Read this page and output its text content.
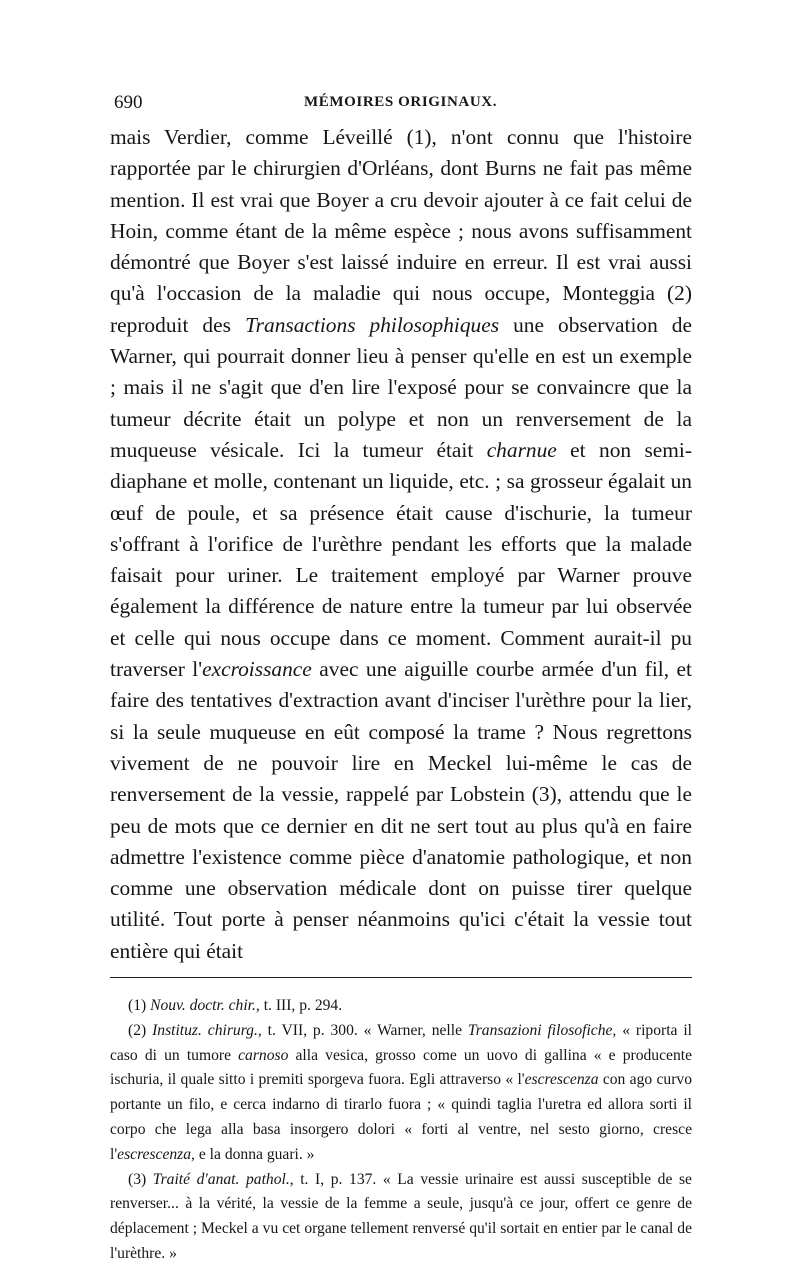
690	MÉMOIRES ORIGINAUX.

mais Verdier, comme Léveillé (1), n'ont connu que l'histoire rapportée par le chirurgien d'Orléans, dont Burns ne fait pas même mention. Il est vrai que Boyer a cru devoir ajouter à ce fait celui de Hoin, comme étant de la même espèce ; nous avons suffisamment démontré que Boyer s'est laissé induire en erreur. Il est vrai aussi qu'à l'occasion de la maladie qui nous occupe, Monteggia (2) reproduit des Transactions philosophiques une observation de Warner, qui pourrait donner lieu à penser qu'elle en est un exemple ; mais il ne s'agit que d'en lire l'exposé pour se convaincre que la tumeur décrite était un polype et non un renversement de la muqueuse vésicale. Ici la tumeur était charnue et non semi-diaphane et molle, contenant un liquide, etc. ; sa grosseur égalait un œuf de poule, et sa présence était cause d'ischurie, la tumeur s'offrant à l'orifice de l'urèthre pendant les efforts que la malade faisait pour uriner. Le traitement employé par Warner prouve également la différence de nature entre la tumeur par lui observée et celle qui nous occupe dans ce moment. Comment aurait-il pu traverser l'excroissance avec une aiguille courbe armée d'un fil, et faire des tentatives d'extraction avant d'inciser l'urèthre pour la lier, si la seule muqueuse en eût composé la trame ? Nous regrettons vivement de ne pouvoir lire en Meckel lui-même le cas de renversement de la vessie, rappelé par Lobstein (3), attendu que le peu de mots que ce dernier en dit ne sert tout au plus qu'à en faire admettre l'existence comme pièce d'anatomie pathologique, et non comme une observation médicale dont on puisse tirer quelque utilité. Tout porte à penser néanmoins qu'ici c'était la vessie tout entière qui était

(1) Nouv. doctr. chir., t. III, p. 294.

(2) Instituz. chirurg., t. VII, p. 300. « Warner, nelle Transazioni filosofiche, « riporta il caso di un tumore carnoso alla vesica, grosso come un uovo di gallina « e producente ischuria, il quale sitto i premiti sporgeva fuora. Egli attraverso « l'escrescenza con ago curvo portante un filo, e cerca indarno di tirarlo fuora ; « quindi taglia l'uretra ed allora sorti il corpo che lega alla basa insorgero dolori « forti al ventre, nel sesto giorno, cresce l'escrescenza, e la donna guari. »

(3) Traité d'anat. pathol., t. I, p. 137. « La vessie urinaire est aussi susceptible de se renverser... à la vérité, la vessie de la femme a seule, jusqu'à ce jour, offert ce genre de déplacement ; Meckel a vu cet organe tellement renversé qu'il sortait en entier par le canal de l'urèthre. »
